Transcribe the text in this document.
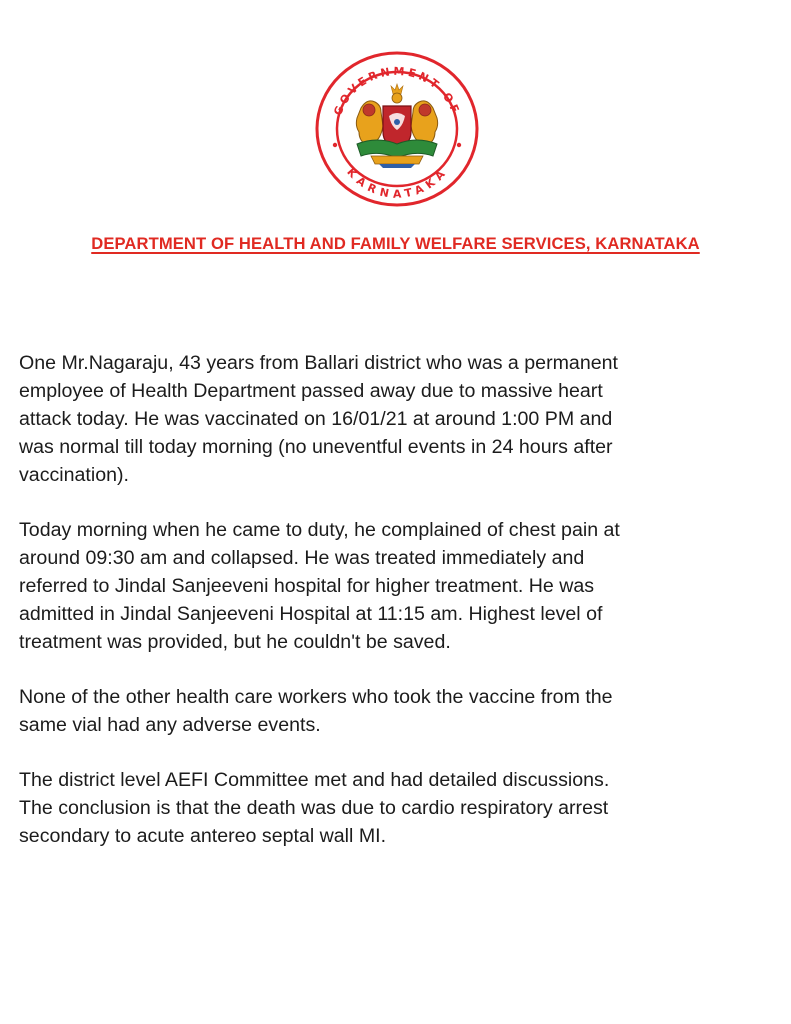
GOVERNMENT OF
KARNATAKA
DEPARTMENT OF HEALTH AND FAMILY WELFARE SERVICES, KARNATAKA

One Mr.Nagaraju, 43 years from Ballari district who was a permanent
employee of Health Department passed away due to massive heart
attack today. He was vaccinated on 16/01/21 at around 1:00 PM and
was normal till today morning (no uneventful events in 24 hours after
vaccination).

Today morning when he came to duty, he complained of chest pain at
around 09:30 am and collapsed. He was treated immediately and
referred to Jindal Sanjeeveni hospital for higher treatment. He was
admitted in Jindal Sanjeeveni Hospital at 11:15 am. Highest level of
treatment was provided, but he couldn't be saved.

None of the other health care workers who took the vaccine from the
same vial had any adverse events.

The district level AEFI Committee met and had detailed discussions.
The conclusion is that the death was due to cardio respiratory arrest
secondary to acute antereo septal wall MI.
